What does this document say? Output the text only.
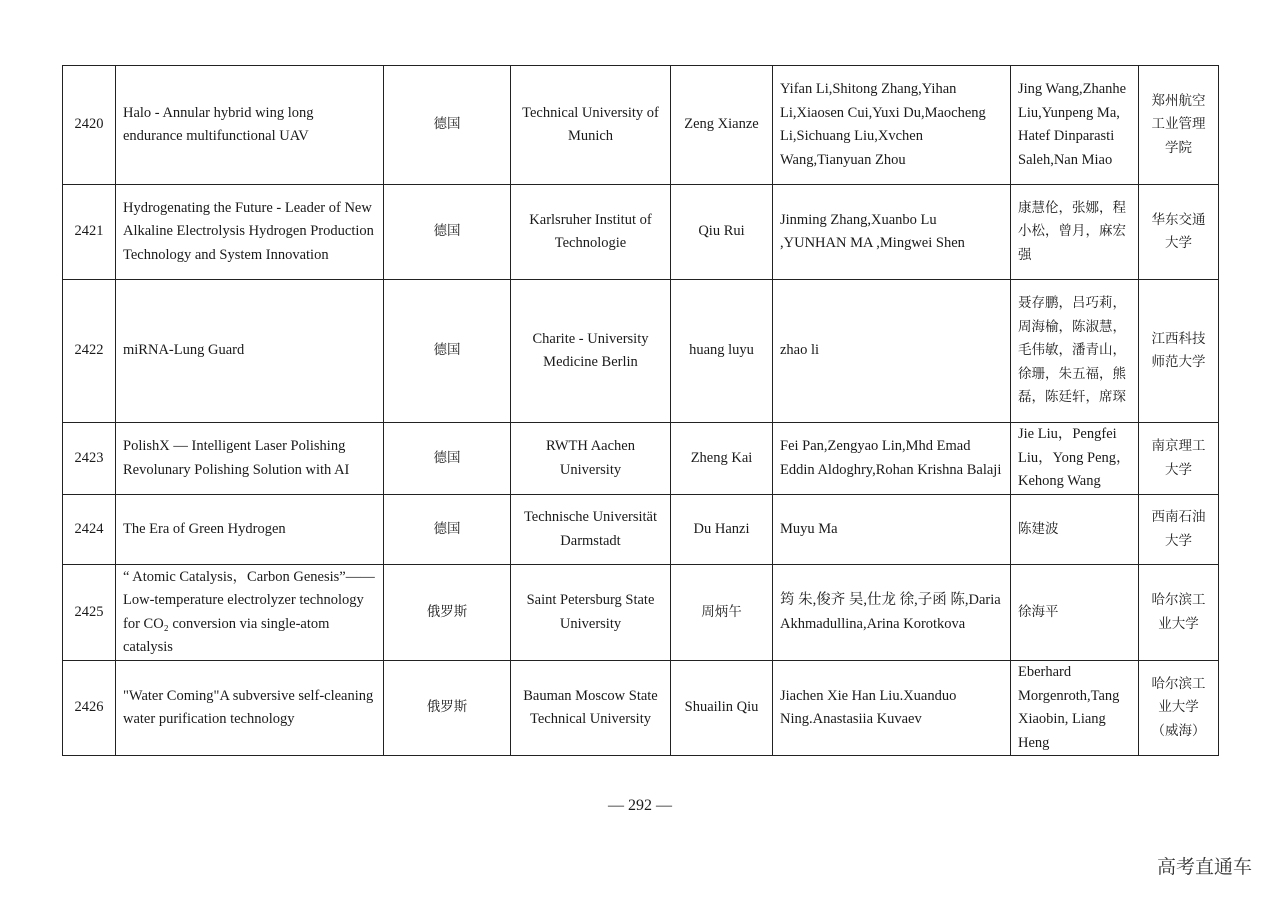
2420	Halo - Annular hybrid wing long endurance multifunctional UAV	德国	Technical University of Munich	Zeng Xianze	Yifan Li,Shitong Zhang,Yihan Li,Xiaosen Cui,Yuxi Du,Maocheng Li,Sichuang Liu,Xvchen Wang,Tianyuan Zhou	Jing Wang,Zhanhe Liu,Yunpeng Ma, Hatef Dinparasti Saleh,Nan Miao	郑州航空工业管理学院
2421	Hydrogenating the Future - Leader of New Alkaline Electrolysis Hydrogen Production Technology and System Innovation	德国	Karlsruher Institut of Technologie	Qiu Rui	Jinming Zhang,Xuanbo Lu ,YUNHAN MA ,Mingwei Shen	康慧伦，张娜，程小松，曾月，麻宏强	华东交通大学
2422	miRNA-Lung Guard	德国	Charite - University Medicine Berlin	huang luyu	zhao li	聂存鹏，吕巧莉，周海榆，陈淑慧，毛伟敏，潘青山，徐珊，朱五福，熊磊，陈廷轩，席琛	江西科技师范大学
2423	PolishX — Intelligent Laser Polishing Revolunary Polishing Solution with AI	德国	RWTH Aachen University	Zheng Kai	Fei Pan,Zengyao Lin,Mhd Emad Eddin Aldoghry,Rohan Krishna Balaji	Jie Liu，Pengfei Liu，Yong Peng，Kehong Wang	南京理工大学
2424	The Era of Green Hydrogen	德国	Technische Universität Darmstadt	Du Hanzi	Muyu Ma	陈建波	西南石油大学
2425	“ Atomic Catalysis，Carbon Genesis”——Low-temperature electrolyzer technology for CO₂ conversion via single-atom catalysis	俄罗斯	Saint Petersburg State University	周炳午	筠 朱,俊齐 吴,仕龙 徐,子函 陈,Daria Akhmadullina,Arina Korotkova	徐海平	哈尔滨工业大学
2426	"Water Coming"A subversive self-cleaning water purification technology	俄罗斯	Bauman Moscow State Technical University	Shuailin Qiu	Jiachen Xie Han Liu.Xuanduo Ning.Anastasiia Kuvaev	Eberhard Morgenroth,Tang Xiaobin, Liang Heng	哈尔滨工业大学（威海）
— 292 —
高考直通车
